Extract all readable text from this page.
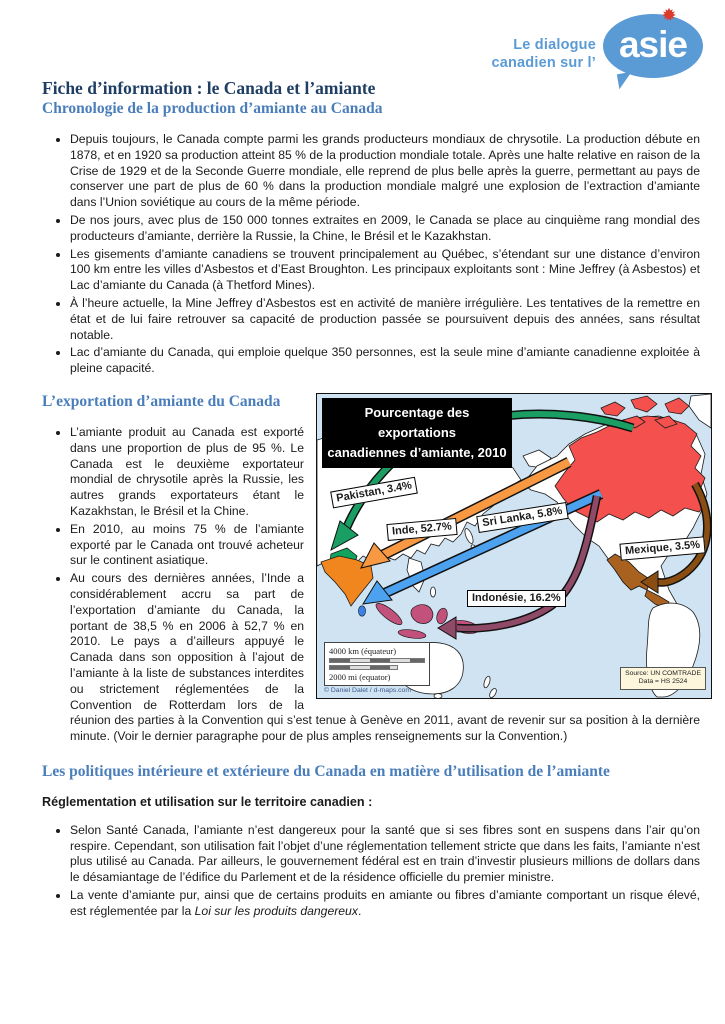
Le dialogue
canadien sur l’ asie
Fiche d’information : le Canada et l’amiante
Chronologie de la production d’amiante au Canada
• Depuis toujours, le Canada compte parmi les grands producteurs mondiaux de chrysotile. La production débute en 1878, et en 1920 sa production atteint 85 % de la production mondiale totale. Après une halte relative en raison de la Crise de 1929 et de la Seconde Guerre mondiale, elle reprend de plus belle après la guerre, permettant au pays de conserver une part de plus de 60 % dans la production mondiale malgré une explosion de l’extraction d’amiante dans l’Union soviétique au cours de la même période.
• De nos jours, avec plus de 150 000 tonnes extraites en 2009, le Canada se place au cinquième rang mondial des producteurs d’amiante, derrière la Russie, la Chine, le Brésil et le Kazakhstan.
• Les gisements d’amiante canadiens se trouvent principalement au Québec, s’étendant sur une distance d’environ 100 km entre les villes d’Asbestos et d’East Broughton. Les principaux exploitants sont : Mine Jeffrey (à Asbestos) et Lac d’amiante du Canada (à Thetford Mines).
• À l’heure actuelle, la Mine Jeffrey d’Asbestos est en activité de manière irrégulière. Les tentatives de la remettre en état et de lui faire retrouver sa capacité de production passée se poursuivent depuis des années, sans résultat notable.
• Lac d’amiante du Canada, qui emploie quelque 350 personnes, est la seule mine d’amiante canadienne exploitée à pleine capacité.
Pourcentage des exportations
canadiennes d’amiante, 2010
Pakistan, 3.4%
Inde, 52.7%	Sri Lanka, 5.8%
Indonésie, 16.2%
Mexique, 3.5%
4000 km (équateur)
2000 mi (equator)
© Daniel Dalet / d-maps.com
Source: UN COMTRADE
Data = HS 2524
L’exportation d’amiante du Canada
• L’amiante produit au Canada est exporté dans une proportion de plus de 95 %. Le Canada est le deuxième exportateur mondial de chrysotile après la Russie, les autres grands exportateurs étant le Kazakhstan, le Brésil et la Chine.
• En 2010, au moins 75 % de l’amiante exporté par le Canada ont trouvé acheteur sur le continent asiatique.
• Au cours des dernières années, l’Inde a considérablement accru sa part de l’exportation d’amiante du Canada, la portant de 38,5 % en 2006 à 52,7 % en 2010. Le pays a d’ailleurs appuyé le Canada dans son opposition à l’ajout de l’amiante à la liste de substances interdites ou strictement réglementées de la Convention de Rotterdam lors de la réunion des parties à la Convention qui s’est tenue à Genève en 2011, avant de revenir sur sa position à la dernière minute. (Voir le dernier paragraphe pour de plus amples renseignements sur la Convention.)
Les politiques intérieure et extérieure du Canada en matière d’utilisation de l’amiante

Réglementation et utilisation sur le territoire canadien :

• Selon Santé Canada, l’amiante n’est dangereux pour la santé que si ses fibres sont en suspens dans l’air qu’on respire. Cependant, son utilisation fait l’objet d’une réglementation tellement stricte que dans les faits, l’amiante n’est plus utilisé au Canada. Par ailleurs, le gouvernement fédéral est en train d’investir plusieurs millions de dollars dans le désamiantage de l’édifice du Parlement et de la résidence officielle du premier ministre.
• La vente d’amiante pur, ainsi que de certains produits en amiante ou fibres d’amiante comportant un risque élevé, est réglementée par la Loi sur les produits dangereux.
